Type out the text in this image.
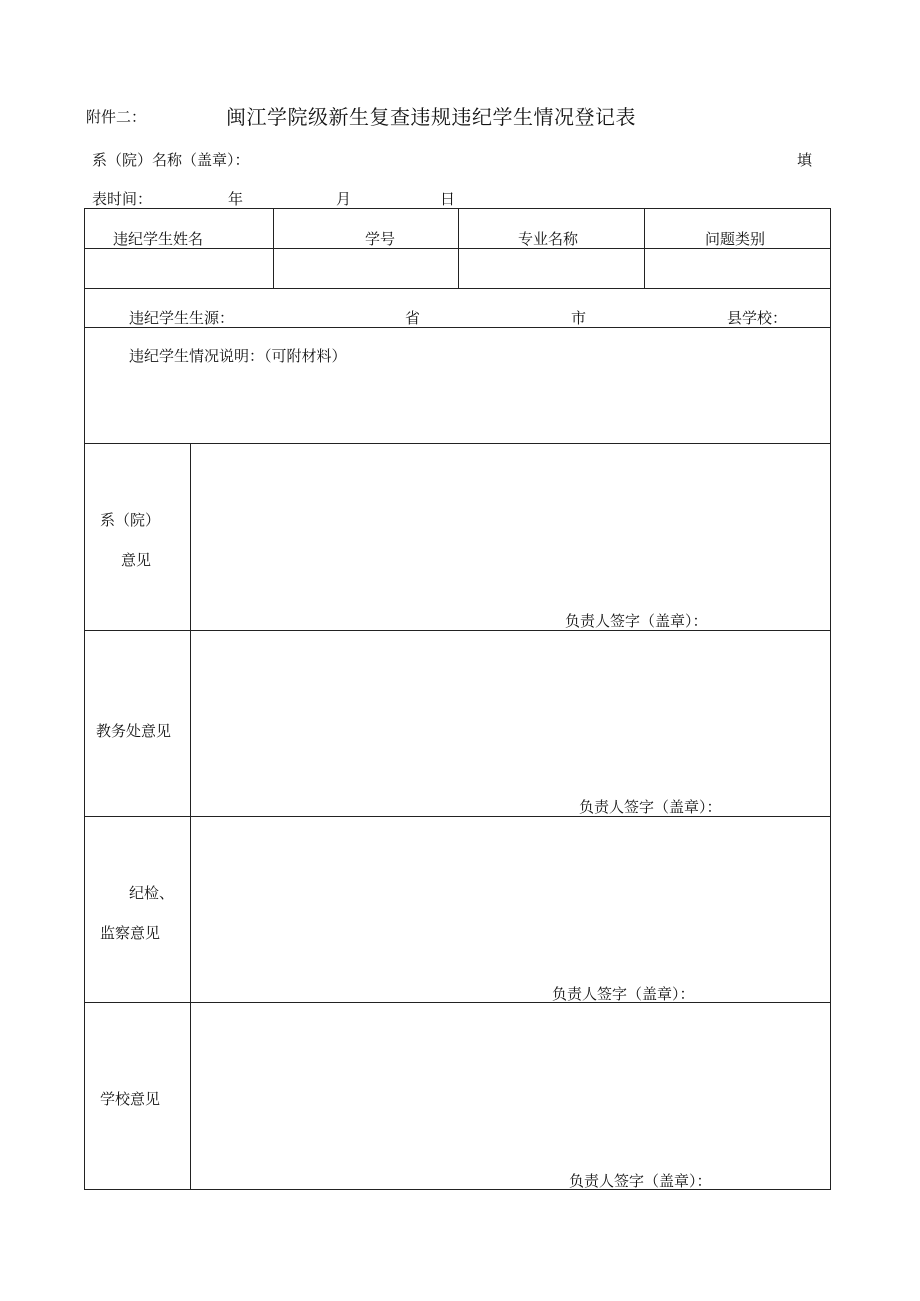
附件二：	闽江学院级新生复查违规违纪学生情况登记表
系（院）名称（盖章）：	填
表时间：	年	月	日
违纪学生姓名	学号	专业名称	问题类别
违纪学生生源：	省	市	县学校：
违纪学生情况说明：（可附材料）
系（院）
意见
负责人签字（盖章）：
教务处意见
负责人签字（盖章）：
纪检、
监察意见
负责人签字（盖章）：
学校意见
负责人签字（盖章）：
